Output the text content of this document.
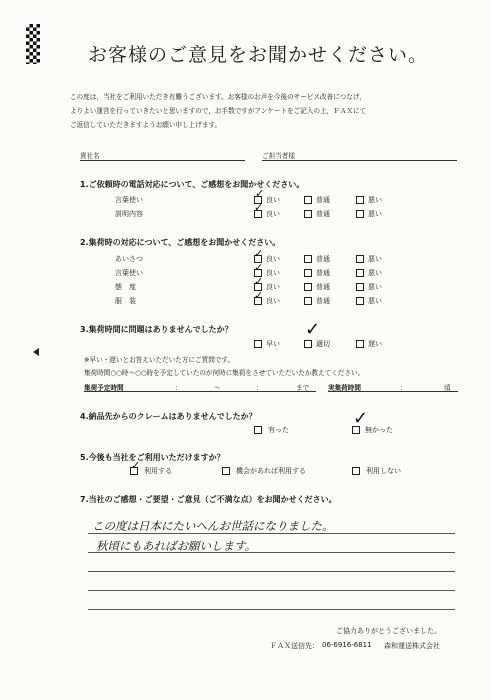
お客様のご意見をお聞かせください。
この度は，当社をご利用いただき有難うございます。お客様のお声を今後のサービス改善につなげ，
よりよい運営を行っていきたいと思いますので，お手数ですがアンケートをご記入の上，ＦＡＸにて
ご返信していただきますようお願い申し上げます。
貴社名	ご担当者様
1.ご依頼時の電話対応について、ご感想をお聞かせください。
言葉使い	✓ 良い	普通	悪い
説明内容	✓ 良い	普通	悪い
2.集荷時の対応について、ご感想をお聞かせください。
あいさつ	✓ 良い	普通	悪い
言葉使い	✓ 良い	普通	悪い
態　度	✓ 良い	普通	悪い
服　装	✓ 良い	普通	悪い
3.集荷時間に問題はありませんでしたか？
早い
✓
適切	遅い
※早い・遅いとお答えいただいた方にご質問です。
集荷時間○○時～○○時を予定していたのが何時に集荷をさせていただいたか教えてください。
集荷予定時間	：	～	：	まで	実集荷時間	：	頃
4.納品先からのクレームはありませんでしたか？
有った
✓
無かった
5.今後も当社をご利用いただけますか？
✓ 利用する	機会があれば利用する	利用しない
7.当社のご感想・ご要望・ご意見（ご不満な点）をお聞かせください。
この度は日本にたいへんお世話になりました。
秋頃にもあればお願いします。
ご協力ありがとうございました。
ＦＡＸ送信先： 06-6916-6811 森和運送株式会社
